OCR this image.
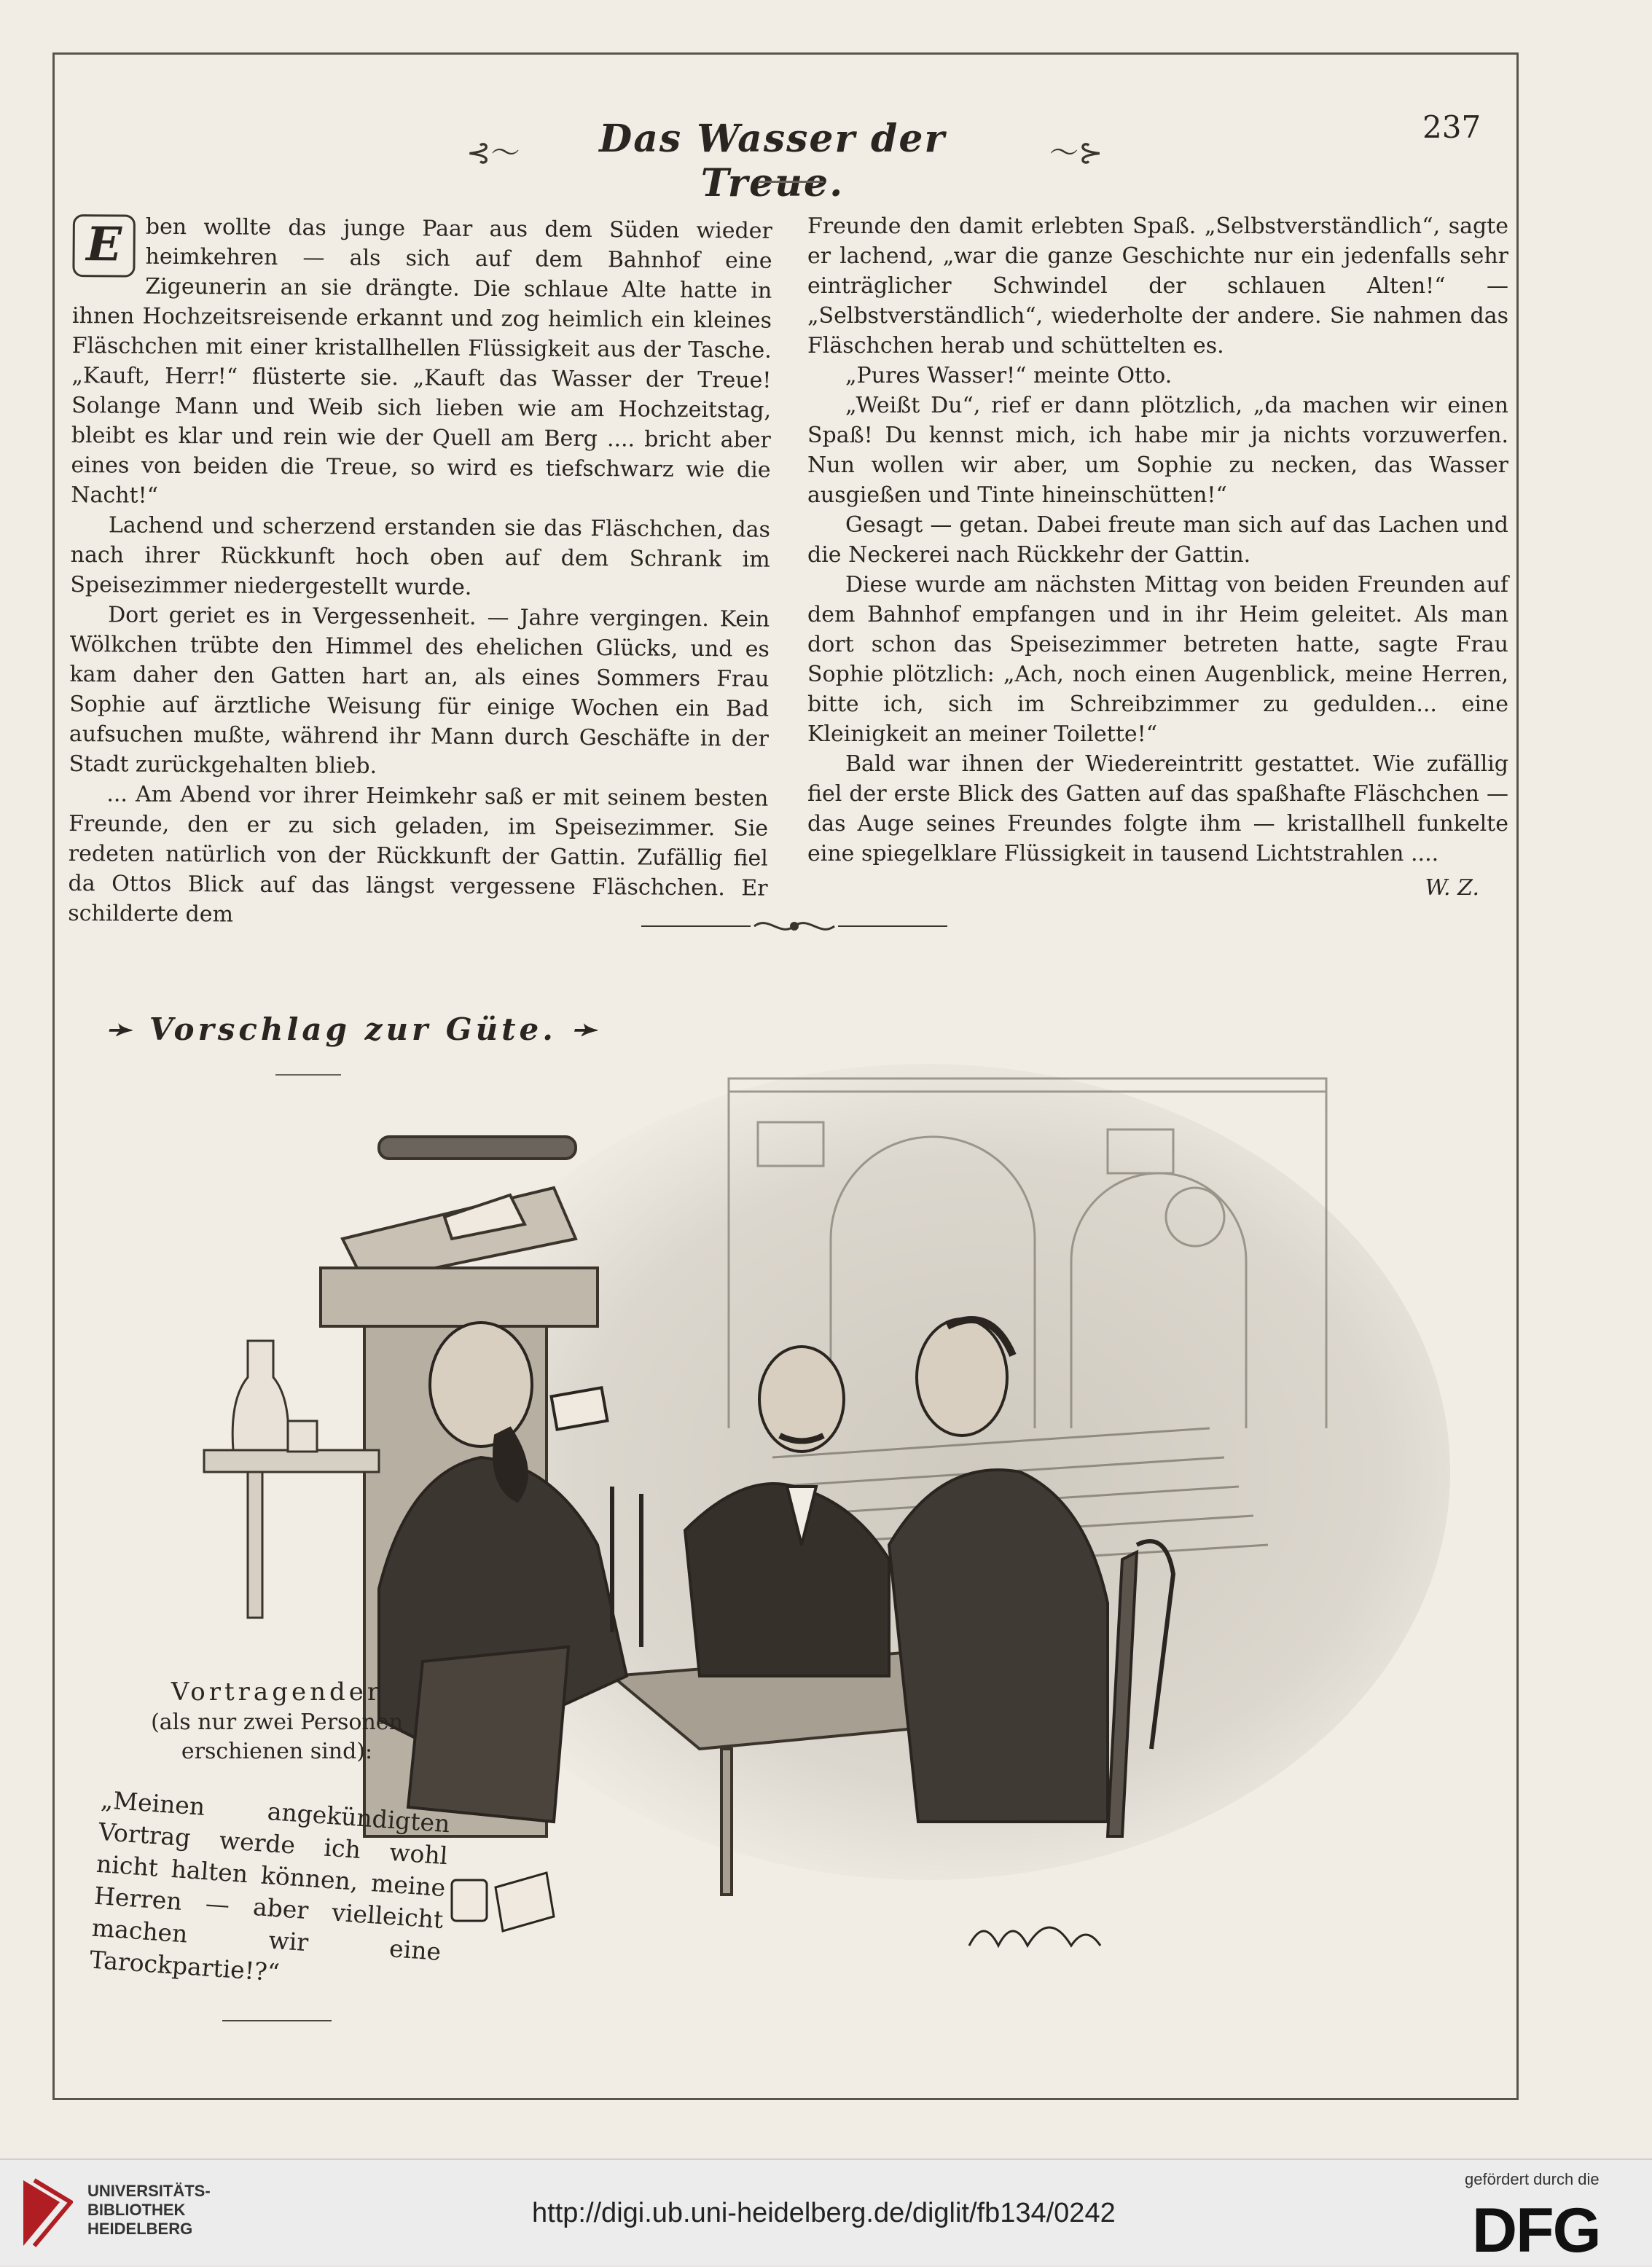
⊰〜	Das Wasser der Treue.
〜⊱
237

E	ben wollte das junge Paar aus dem Süden wieder heimkehren — als sich auf dem Bahnhof eine Zigeunerin an sie drängte. Die schlaue Alte hatte in ihnen Hochzeitsreisende erkannt und zog heimlich ein kleines Fläschchen mit einer kristallhellen Flüssigkeit aus der Tasche. „Kauft, Herr!“ flüsterte sie. „Kauft das Wasser der Treue! Solange Mann und Weib sich lieben wie am Hochzeitstag, bleibt es klar und rein wie der Quell am Berg .... bricht aber eines von beiden die Treue, so wird es tiefschwarz wie die Nacht!“

Lachend und scherzend erstanden sie das Fläschchen, das nach ihrer Rückkunft hoch oben auf dem Schrank im Speisezimmer niedergestellt wurde.

Dort geriet es in Vergessenheit. — Jahre vergingen. Kein Wölkchen trübte den Himmel des ehelichen Glücks, und es kam daher den Gatten hart an, als eines Sommers Frau Sophie auf ärztliche Weisung für einige Wochen ein Bad aufsuchen mußte, während ihr Mann durch Geschäfte in der Stadt zurückgehalten blieb.

... Am Abend vor ihrer Heimkehr saß er mit seinem besten Freunde, den er zu sich geladen, im Speisezimmer. Sie redeten natürlich von der Rückkunft der Gattin. Zufällig fiel da Ottos Blick auf das längst vergessene Fläschchen. Er schilderte dem

Freunde den damit erlebten Spaß. „Selbstverständlich“, sagte er lachend, „war die ganze Geschichte nur ein jedenfalls sehr einträglicher Schwindel der schlauen Alten!“ — „Selbstverständlich“, wiederholte der andere. Sie nahmen das Fläschchen herab und schüttelten es.

„Pures Wasser!“ meinte Otto.

„Weißt Du“, rief er dann plötzlich, „da machen wir einen Spaß! Du kennst mich, ich habe mir ja nichts vorzuwerfen. Nun wollen wir aber, um Sophie zu necken, das Wasser ausgießen und Tinte hineinschütten!“

Gesagt — getan. Dabei freute man sich auf das Lachen und die Neckerei nach Rückkehr der Gattin.

Diese wurde am nächsten Mittag von beiden Freunden auf dem Bahnhof empfangen und in ihr Heim geleitet. Als man dort schon das Speisezimmer betreten hatte, sagte Frau Sophie plötzlich: „Ach, noch einen Augenblick, meine Herren, bitte ich, sich im Schreibzimmer zu gedulden... eine Kleinigkeit an meiner Toilette!“

Bald war ihnen der Wiedereintritt gestattet. Wie zufällig fiel der erste Blick des Gatten auf das spaßhafte Fläschchen — das Auge seines Freundes folgte ihm — kristallhell funkelte eine spiegelklare Flüssigkeit in tausend Lichtstrahlen ....

W. Z.
➛ Vorschlag zur Güte. ➛
Vortragender
(als nur zwei Personen erschienen sind):
„Meinen angekündigten Vortrag werde ich wohl nicht halten können, meine Herren — aber vielleicht machen wir eine Tarockpartie!?“
UNIVERSITÄTS-
BIBLIOTHEK
HEIDELBERG
http://digi.ub.uni-heidelberg.de/diglit/fb134/0242
gefördert durch die
DFG
